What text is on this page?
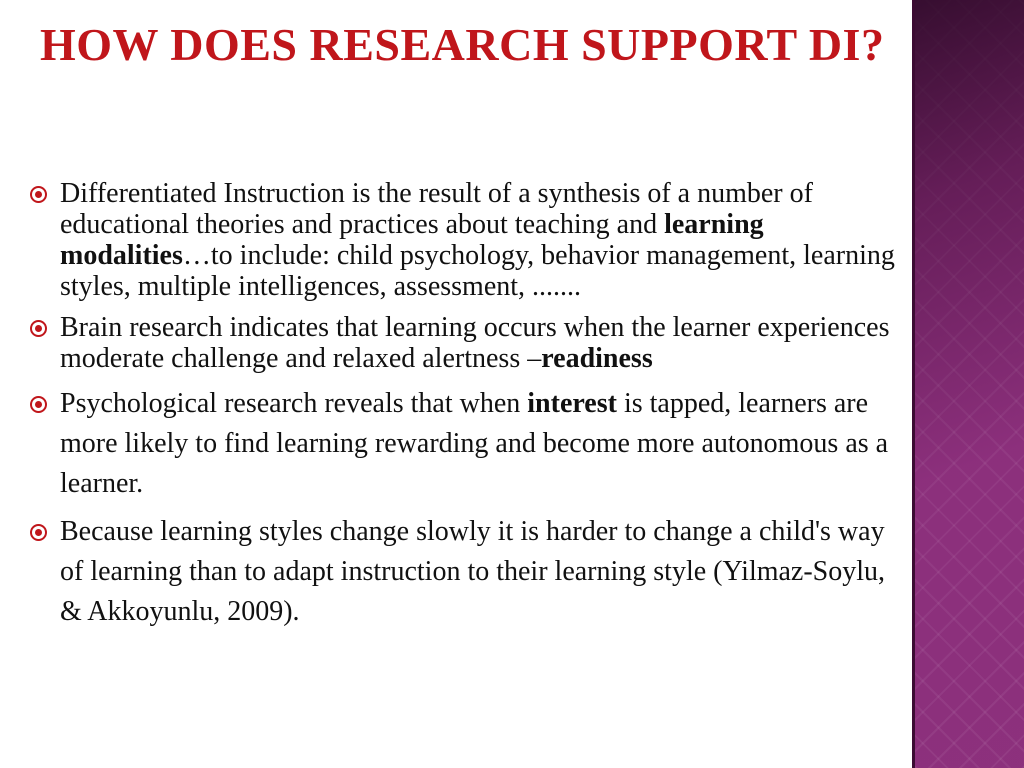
HOW DOES RESEARCH SUPPORT DI?
Differentiated Instruction is the result of a synthesis of a number of educational theories and practices about teaching and learning modalities…to include: child psychology, behavior management, learning styles, multiple intelligences, assessment, .......
Brain research indicates that learning occurs when the learner experiences moderate challenge and relaxed alertness –readiness
Psychological research reveals that when interest is tapped, learners are more likely to find learning rewarding and become more autonomous as a learner.
Because learning styles change slowly it is harder to change a child's way of learning than to adapt instruction to their learning style (Yilmaz-Soylu, & Akkoyunlu, 2009).
